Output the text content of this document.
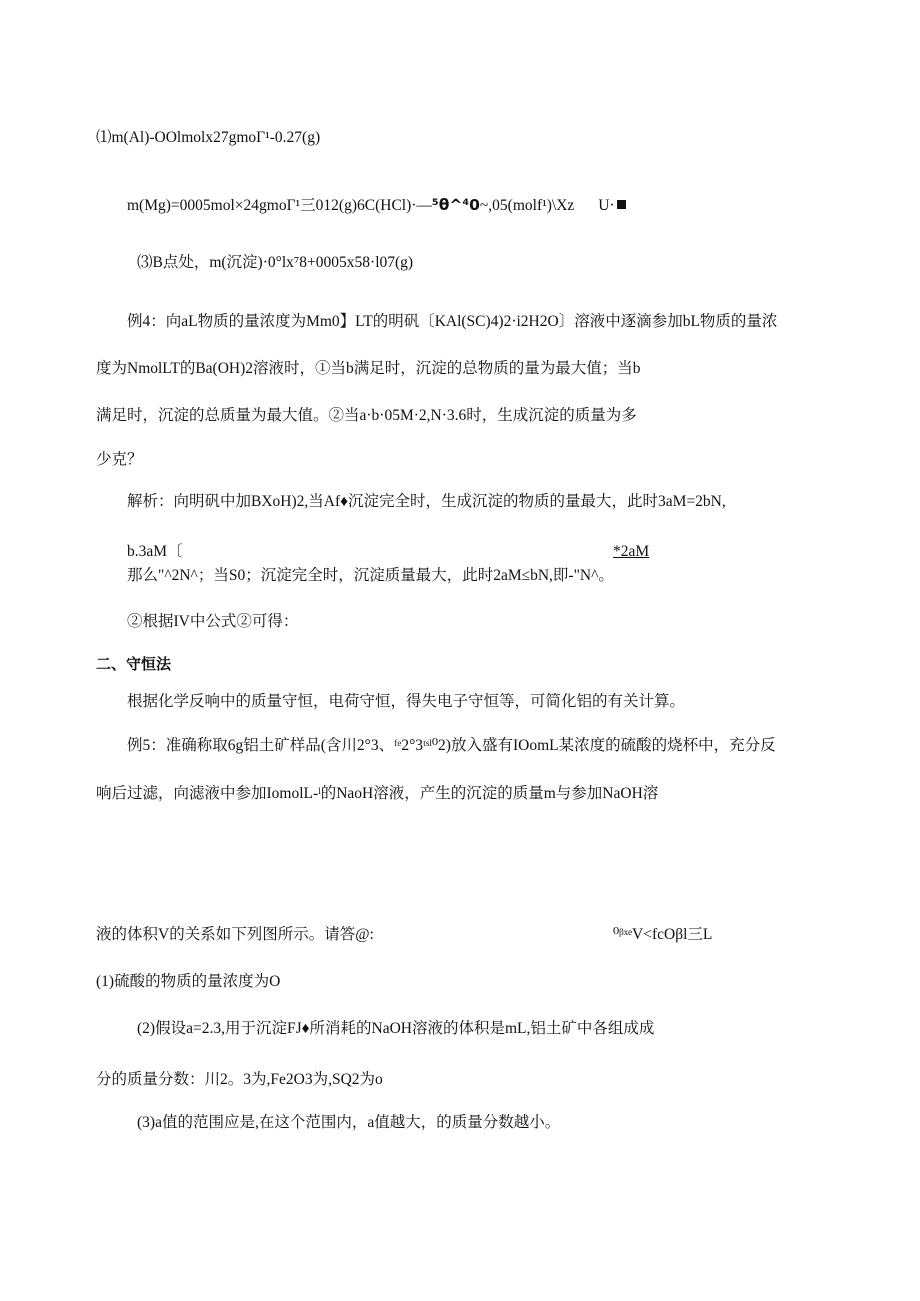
⑴m(Al)-OOlmolx27gmoΓ¹-0.27(g)
m(Mg)=0005mol×24gmoΓ¹三012(g)6C(HCl)·—⁵θ^⁴0~,05(molf¹)\Xz U·
⑶B点处，m(沉淀)·0°lx⁷8+0005x58·l07(g)
例4：向aL物质的量浓度为Mm0】LT的明矾〔KAl(SC)4)2·i2H2O〕溶液中逐滴参加bL物质的量浓
度为NmolLT的Ba(OH)2溶液时，①当b满足时，沉淀的总物质的量为最大值；当b
满足时，沉淀的总质量为最大值。②当a·b·05M·2,N·3.6时，生成沉淀的质量为多
少克？
解析：向明矾中加BXoH)2,当Af♦沉淀完全时，生成沉淀的物质的量最大，此时3aM=2bN,
b.3aM〔	*2aM
那么"^2N^；当S0；沉淀完全时，沉淀质量最大，此时2aM≤bN,即-"N^。
②根据IV中公式②可得：
二、守恒法
根据化学反响中的质量守恒，电荷守恒，得失电子守恒等，可简化铝的有关计算。
例5：准确称取6g铝土矿样品(含川2°3、ᶠᵉ2°3ᵗˢˡ⁰2)放入盛有IOomL某浓度的硫酸的烧杯中，充分反
响后过滤，向滤液中参加IomolL-ˡ的NaoH溶液，产生的沉淀的质量m与参加NaOH溶
液的体积V的关系如下列图所示。请答@:	⁰ᵝˣᵉV<fcOβl三L
(1)硫酸的物质的量浓度为O
(2)假设a=2.3,用于沉淀FJ♦所消耗的NaOH溶液的体积是mL,铝土矿中各组成成
分的质量分数：川2。3为,Fe2O3为,SQ2为o
(3)a值的范围应是,在这个范围内，a值越大，的质量分数越小。
